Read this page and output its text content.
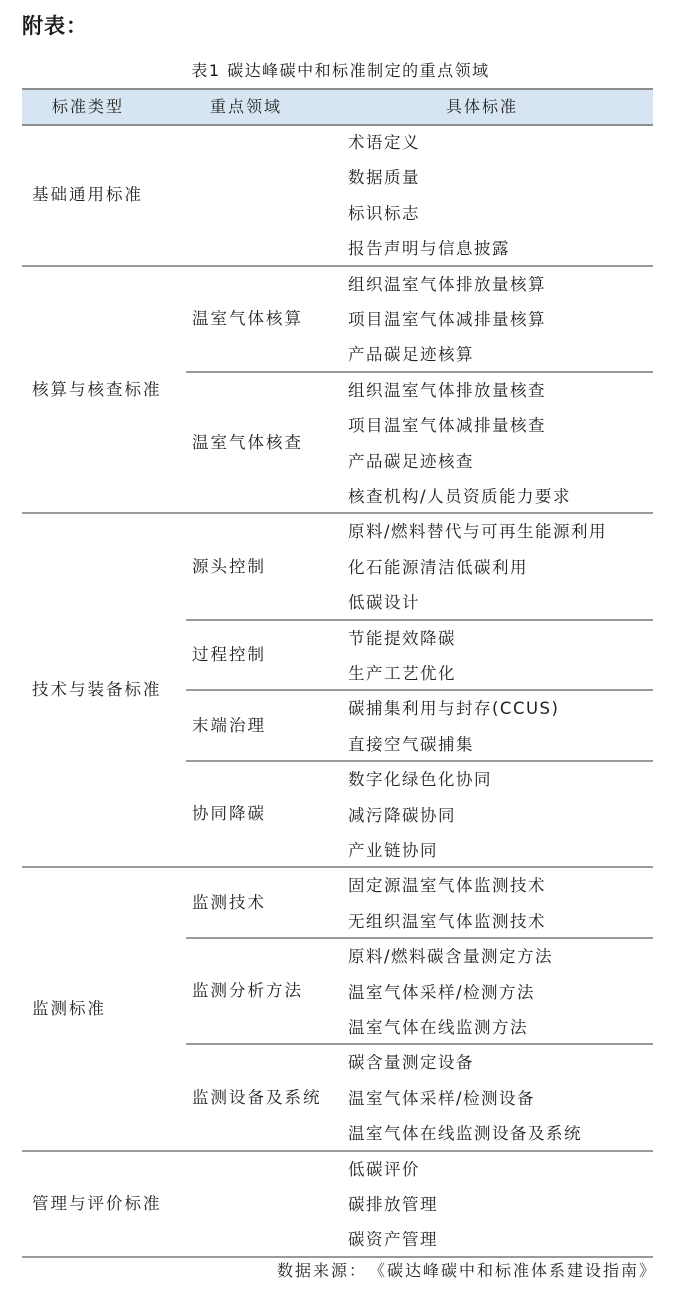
附表：
表1 碳达峰碳中和标准制定的重点领域
标准类型	重点领域	具体标准
术语定义
数据质量
标识标志
报告声明与信息披露
基础通用标准
组织温室气体排放量核算
项目温室气体减排量核算
产品碳足迹核算
温室气体核算
组织温室气体排放量核查
项目温室气体减排量核查
产品碳足迹核查
核查机构/人员资质能力要求
温室气体核查
核算与核查标准
原料/燃料替代与可再生能源利用
化石能源清洁低碳利用
低碳设计
源头控制
节能提效降碳
生产工艺优化
过程控制
碳捕集利用与封存(CCUS)
直接空气碳捕集
末端治理
数字化绿色化协同
减污降碳协同
产业链协同
协同降碳
技术与装备标准
固定源温室气体监测技术
无组织温室气体监测技术
监测技术
原料/燃料碳含量测定方法
温室气体采样/检测方法
温室气体在线监测方法
监测分析方法
碳含量测定设备
温室气体采样/检测设备
温室气体在线监测设备及系统
监测设备及系统
监测标准
低碳评价
碳排放管理
碳资产管理
管理与评价标准
数据来源： 《碳达峰碳中和标准体系建设指南》
